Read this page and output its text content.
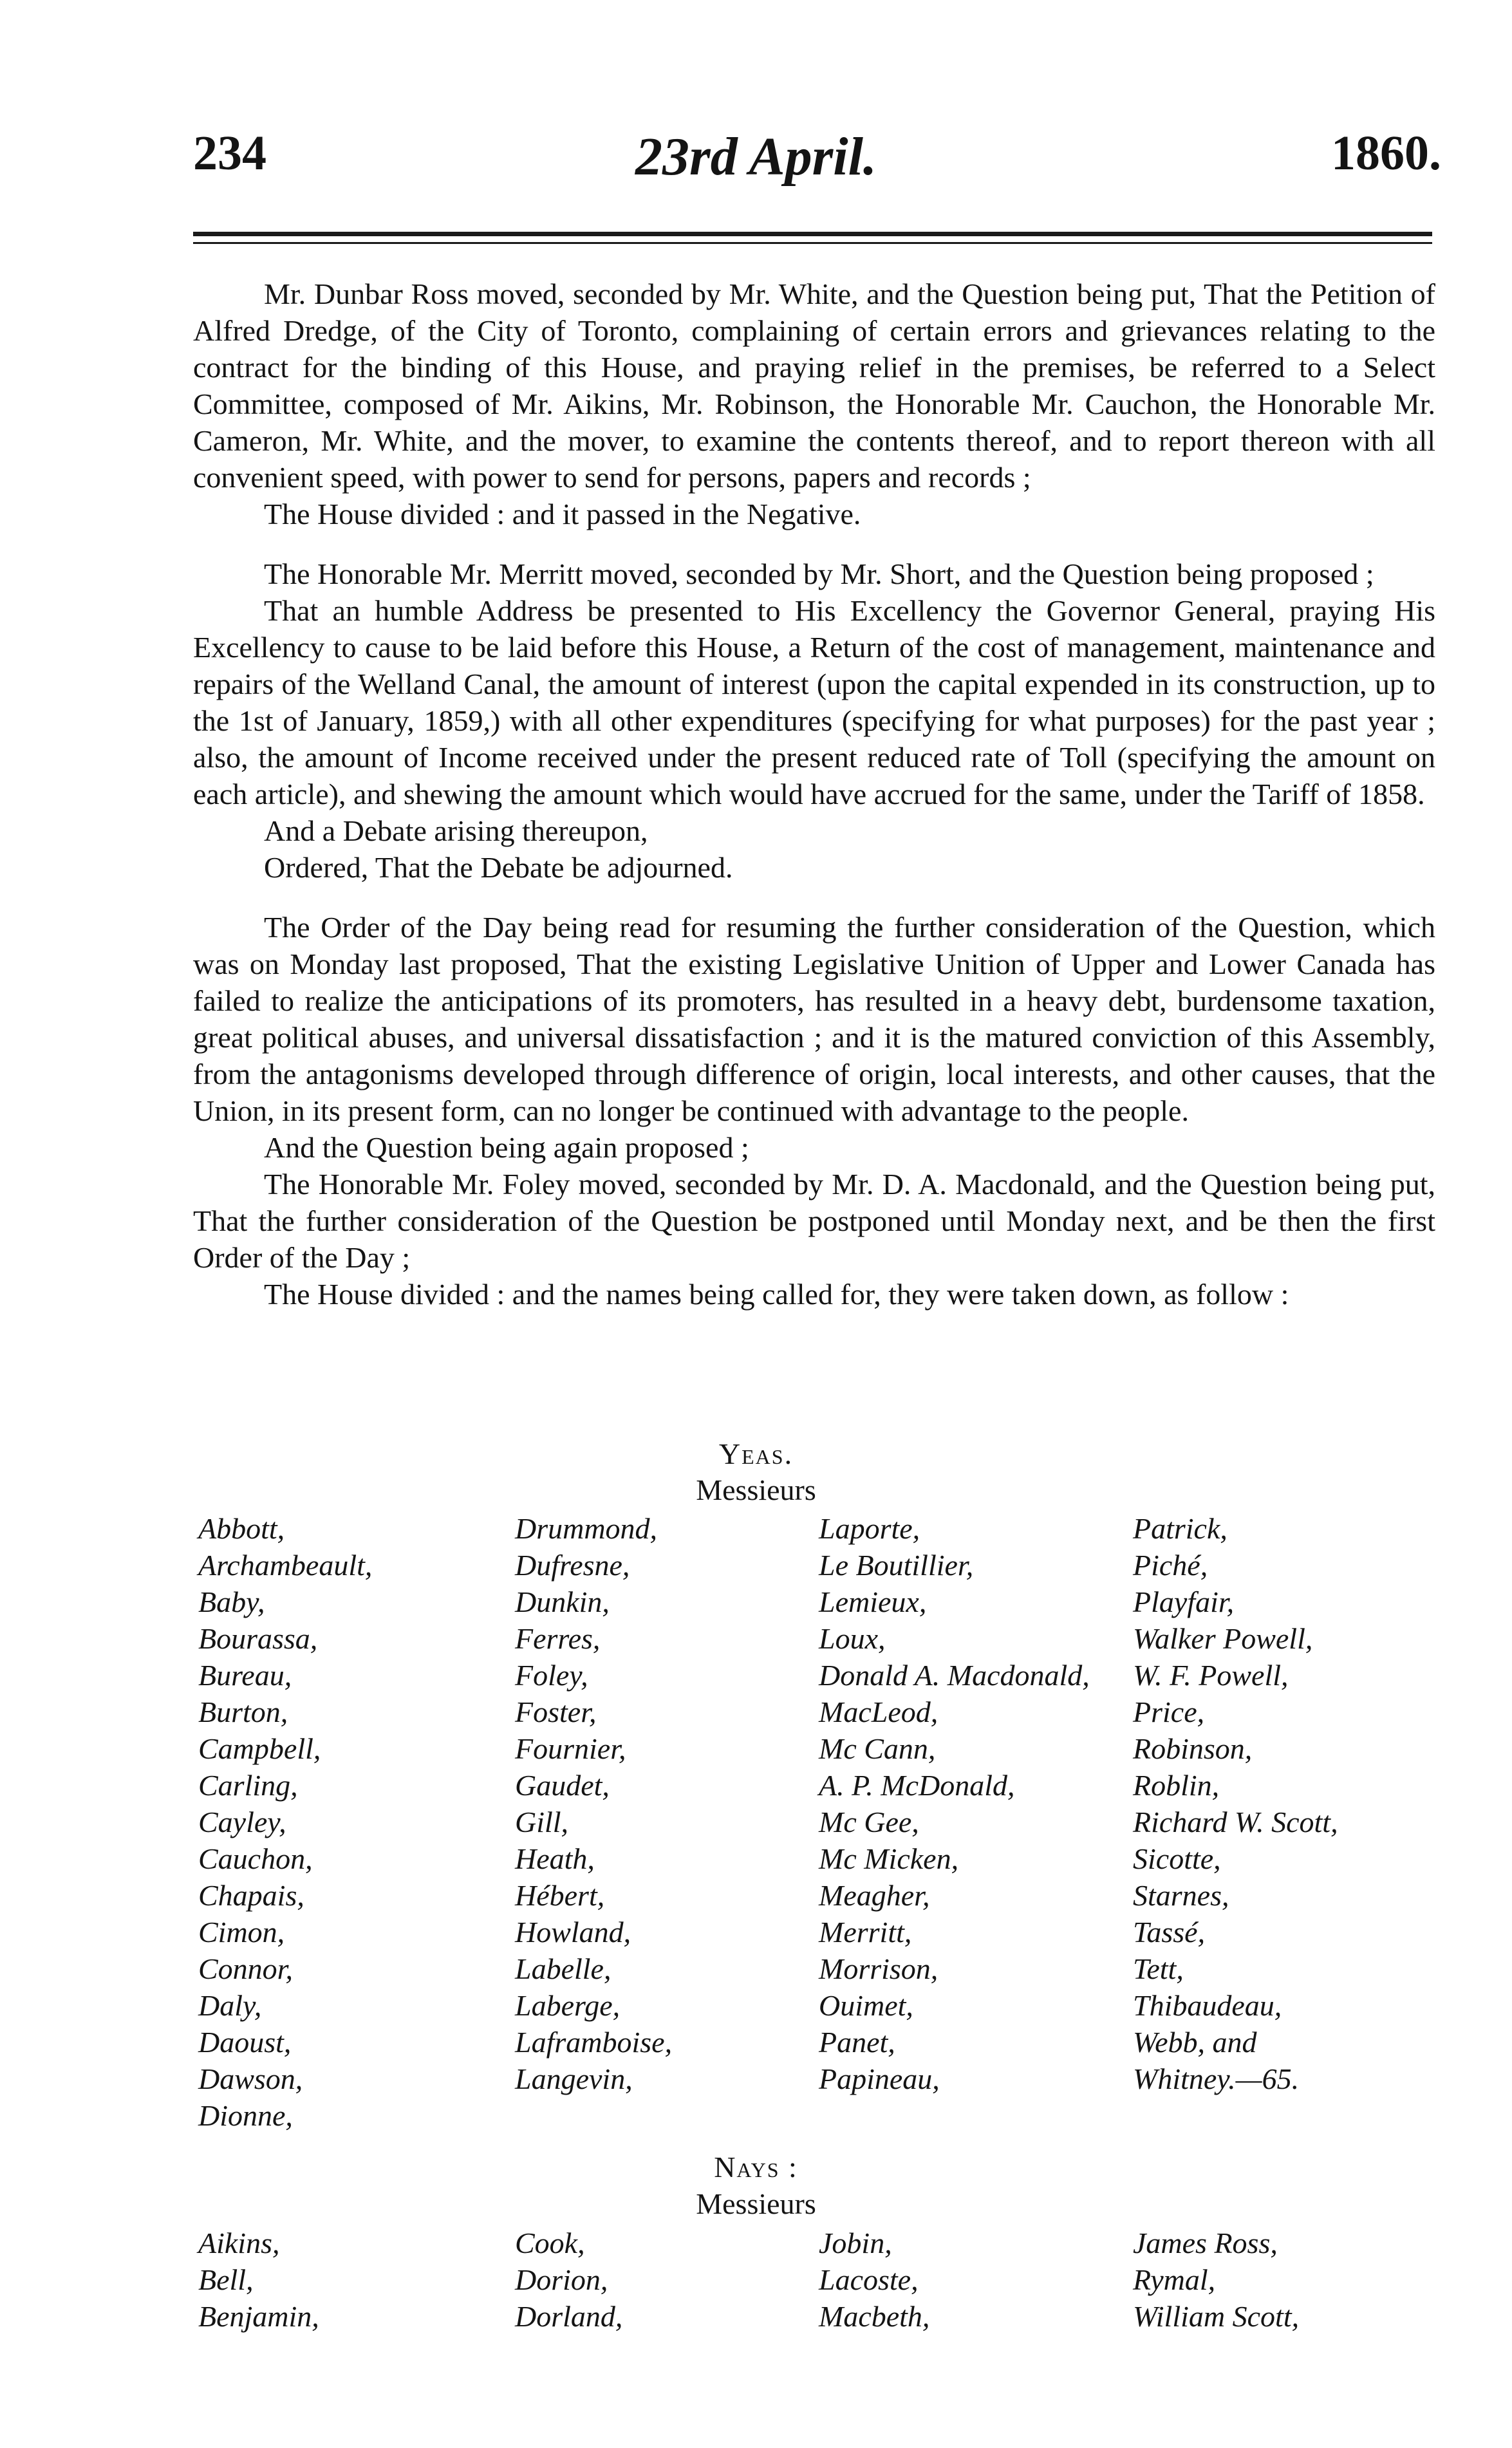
234	23rd April.	1860.

Mr. Dunbar Ross moved, seconded by Mr. White, and the Question being put, That the Petition of Alfred Dredge, of the City of Toronto, complaining of certain errors and grievances relating to the contract for the binding of this House, and praying relief in the premises, be referred to a Select Committee, composed of Mr. Aikins, Mr. Robinson, the Honorable Mr. Cauchon, the Honorable Mr. Cameron, Mr. White, and the mover, to examine the contents thereof, and to report thereon with all convenient speed, with power to send for persons, papers and records ;

The House divided : and it passed in the Negative.

The Honorable Mr. Merritt moved, seconded by Mr. Short, and the Question being proposed ;

That an humble Address be presented to His Excellency the Governor General, praying His Excellency to cause to be laid before this House, a Return of the cost of management, maintenance and repairs of the Welland Canal, the amount of interest (upon the capital expended in its construction, up to the 1st of January, 1859,) with all other expenditures (specifying for what purposes) for the past year ; also, the amount of Income received under the present reduced rate of Toll (specifying the amount on each article), and shewing the amount which would have accrued for the same, under the Tariff of 1858.

And a Debate arising thereupon,

Ordered, That the Debate be adjourned.

The Order of the Day being read for resuming the further consideration of the Question, which was on Monday last proposed, That the existing Legislative Unition of Upper and Lower Canada has failed to realize the anticipations of its promoters, has resulted in a heavy debt, burdensome taxation, great political abuses, and universal dissatisfaction ; and it is the matured conviction of this Assembly, from the antagonisms developed through difference of origin, local interests, and other causes, that the Union, in its present form, can no longer be continued with advantage to the people.

And the Question being again proposed ;

The Honorable Mr. Foley moved, seconded by Mr. D. A. Macdonald, and the Question being put, That the further consideration of the Question be postponed until Monday next, and be then the first Order of the Day ;

The House divided : and the names being called for, they were taken down, as follow :

Yeas.
Messieurs
Abbott,
Archambeault,
Baby,
Bourassa,
Bureau,
Burton,
Campbell,
Carling,
Cayley,
Cauchon,
Chapais,
Cimon,
Connor,
Daly,
Daoust,
Dawson,
Dionne,
Drummond,
Dufresne,
Dunkin,
Ferres,
Foley,
Foster,
Fournier,
Gaudet,
Gill,
Heath,
Hébert,
Howland,
Labelle,
Laberge,
Laframboise,
Langevin,
Laporte,
Le Boutillier,
Lemieux,
Loux,
Donald A. Macdonald,
MacLeod,
Mc Cann,
A. P. McDonald,
Mc Gee,
Mc Micken,
Meagher,
Merritt,
Morrison,
Ouimet,
Panet,
Papineau,
Patrick,
Piché,
Playfair,
Walker Powell,
W. F. Powell,
Price,
Robinson,
Roblin,
Richard W. Scott,
Sicotte,
Starnes,
Tassé,
Tett,
Thibaudeau,
Webb, and
Whitney.—65.
Nays :
Messieurs
Aikins,
Bell,
Benjamin,
Cook,
Dorion,
Dorland,
Jobin,
Lacoste,
Macbeth,
James Ross,
Rymal,
William Scott,
